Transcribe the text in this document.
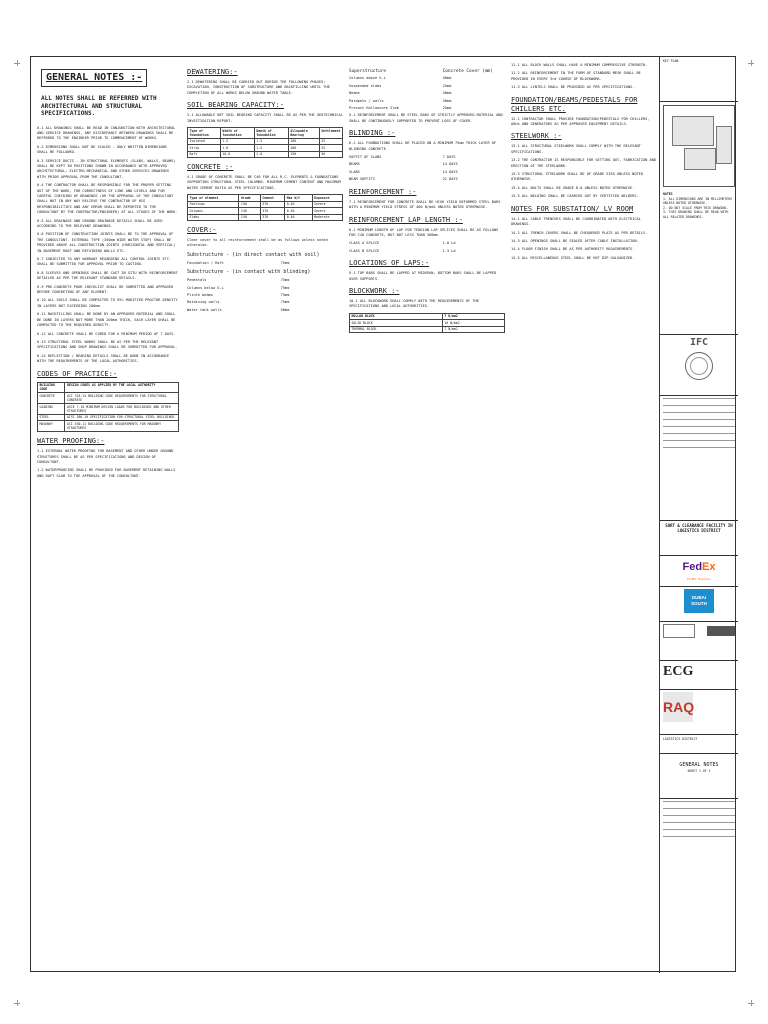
GENERAL NOTES :-
ALL NOTES SHALL BE REFERRED WITH ARCHITECTURAL AND STRUCTURAL SPECIFICATIONS.

0.1 ALL DRAWINGS SHALL BE READ IN CONJUNCTION WITH ARCHITECTURAL AND SERVICE DRAWINGS, ANY DISCREPANCY BETWEEN DRAWINGS SHALL BE REFERRED TO THE ENGINEER PRIOR TO COMMENCEMENT OF WORKS.

0.2 DIMENSIONS SHALL NOT BE SCALED - ONLY WRITTEN DIMENSIONS SHALL BE FOLLOWED.

0.3 SERVICE DUCTS - IN STRUCTURAL ELEMENTS (SLABS, WALLS, BEAMS) SHALL BE KEPT IN POSITIONS SHOWN IN ACCORDANCE WITH APPROVED ARCHITECTURAL, ELECTRO-MECHANICAL AND OTHER SERVICES DRAWINGS WITH PRIOR APPROVAL FROM THE CONSULTANT.

0.4 THE CONTRACTOR SHALL BE RESPONSIBLE FOR THE PROPER SETTING OUT OF THE WORK, FOR CORRECTNESS OF LINE AND LEVELS AND FOR CAREFUL CHECKING OF DRAWINGS (OR THE APPROVAL OF THE CONSULTANT SHALL NOT IN ANY WAY RELIEVE THE CONTRACTOR OF HIS RESPONSIBILITIES AND ANY ERROR SHALL BE REPORTED TO THE CONSULTANT BY THE CONTRACTOR/ENGINEER) AT ALL STAGES OF THE WORK.

0.5 ALL DRAINAGE AND GROUND DRAINAGE DETAILS SHALL BE USED ACCORDING TO THE RELEVANT DRAWINGS.

0.6 POSITION OF CONSTRUCTION JOINTS SHALL BE TO THE APPROVAL OF THE CONSULTANT. EXTERNAL TYPE (350mm WIDE WATER STOP) SHALL BE PROVIDED ABOVE ALL CONSTRUCTION JOINTS (HORIZONTAL AND VERTICAL) IN BASEMENT ROOF AND RETAINING WALLS ETC.

0.7 SUBJECTED TO ANY WARRANT REGARDING ALL CONTROL JOINTS ETC. SHALL BE SUBMITTED FOR APPROVAL PRIOR TO CASTING.

0.8 SLEEVES AND OPENINGS SHALL BE CAST IN SITU WITH REINFORCEMENT DETAILED AS PER THE RELEVANT STANDARD DETAILS.

0.9 PRE-CONCRETE POUR CHECKLIST SHALL BE SUBMITTED AND APPROVED BEFORE CONCRETING OF ANY ELEMENT.

0.10 ALL SOILS SHALL BE COMPACTED TO 95% MODIFIED PROCTOR DENSITY IN LAYERS NOT EXCEEDING 200mm.

0.11 BACKFILLING SHALL BE DONE BY AN APPROVED MATERIAL AND SHALL BE DONE IN LAYERS NOT MORE THAN 200mm THICK, EACH LAYER SHALL BE COMPACTED TO THE REQUIRED DENSITY.

0.12 ALL CONCRETE SHALL BE CURED FOR A MINIMUM PERIOD OF 7 DAYS.

0.13 STRUCTURAL STEEL WORKS SHALL BE AS PER THE RELEVANT SPECIFICATIONS AND SHOP DRAWINGS SHALL BE SUBMITTED FOR APPROVAL.

0.14 DEFLECTION / BEARING DETAILS SHALL BE DONE IN ACCORDANCE WITH THE REQUIREMENTS OF THE LOCAL AUTHORITIES.

CODES OF PRACTICE:-
BUILDING CODE	DESIGN CODES AS APPLIED BY THE LOCAL AUTHORITY
CONCRETE	ACI 318-14 BUILDING CODE REQUIREMENTS FOR STRUCTURAL CONCRETE
LOADING	ASCE 7-10 MINIMUM DESIGN LOADS FOR BUILDINGS AND OTHER STRUCTURES
STEEL	AISC 360-10 SPECIFICATION FOR STRUCTURAL STEEL BUILDINGS
MASONRY	ACI 530-11 BUILDING CODE REQUIREMENTS FOR MASONRY STRUCTURES
WATER PROOFING:-

1.1 EXTERNAL WATER PROOFING FOR BASEMENT AND OTHER UNDER GROUND STRUCTURES SHALL BE AS PER SPECIFICATIONS AND DESIGN OF CONSULTANT.

1.2 WATERPROOFING SHALL BE PROVIDED FOR BASEMENT RETAINING WALLS AND RAFT SLAB TO THE APPROVAL OF THE CONSULTANT.

DEWATERING:-

2.1 DEWATERING SHALL BE CARRIED OUT DURING THE FOLLOWING PHASES: EXCAVATION, CONSTRUCTION OF SUBSTRUCTURE AND BACKFILLING UNTIL THE COMPLETION OF ALL WORKS BELOW GROUND WATER TABLE.

SOIL BEARING CAPACITY:-

3.1 ALLOWABLE NET SOIL BEARING CAPACITY SHALL BE AS PER THE GEOTECHNICAL INVESTIGATION REPORT.

Type of foundation	Width of foundation	Depth of foundation	Allowable Bearing	Settlement
Isolated	1.5	1.5	200	25
Strip	1.0	1.5	180	25
Raft	10.0	2.0	150	50
CONCRETE :-

4.1 GRADE OF CONCRETE SHALL BE C40 FOR ALL R.C. ELEMENTS & FOUNDATIONS SUPPORTING STRUCTURAL STEEL COLUMNS. MINIMUM CEMENT CONTENT AND MAXIMUM WATER CEMENT RATIO AS PER SPECIFICATIONS.

Type of element	Grade	Cement	Max W/C	Exposure
Footings	C40	370	0.40	Severe
Columns	C40	370	0.40	Severe
Slabs	C40	370	0.40	Moderate
COVER:-

Clear cover to all reinforcement shall be as follows unless noted otherwise.

Substructure - (in direct contact with soil)

Foundation / Raft	75mm

Substructure - (in contact with blinding)

Pedestals	75mm
Columns below G.L	75mm
Plinth beams	75mm
Retaining walls	75mm
Water tank walls	50mm
Superstructure	Concrete Cover (mm)
Columns above G.L	40mm
Suspended slabs	25mm
Beams	40mm
Parapets / walls	30mm
Precast Hollowcore Slab	25mm

5.1 REINFORCEMENT SHALL BE STEEL BARS OF STRICTLY APPROVED MATERIAL AND SHALL BE CONTINUOUSLY SUPPORTED TO PREVENT LOSS OF COVER.

BLINDING :-

6.1 ALL FOUNDATIONS SHALL BE PLACED ON A MINIMUM 75mm THICK LAYER OF BLINDING CONCRETE.

SOFFIT OF SLABS	7 DAYS
BEAMS	14 DAYS
SLABS	14 DAYS
BEAM SOFFITS	21 DAYS
REINFORCEMENT :-

7.1 REINFORCEMENT FOR CONCRETE SHALL BE HIGH YIELD DEFORMED STEEL BARS WITH A MINIMUM YIELD STRESS OF 460 N/mm2 UNLESS NOTED OTHERWISE.

REINFORCEMENT LAP LENGTH :-

8.1 MINIMUM LENGTH OF LAP FOR TENSION LAP SPLICES SHALL BE AS FOLLOWS FOR C40 CONCRETE, BUT NOT LESS THAN 300mm.

CLASS A SPLICE	1.0 Ld
CLASS B SPLICE	1.3 Ld
LOCATIONS OF LAPS:-

9.1 TOP BARS SHALL BE LAPPED AT MIDSPAN, BOTTOM BARS SHALL BE LAPPED OVER SUPPORTS.

BLOCKWORK :-

10.1 ALL BLOCKWORK SHALL COMPLY WITH THE REQUIREMENTS OF THE SPECIFICATIONS AND LOCAL AUTHORITIES.

HOLLOW BLOCK	7 N/mm2
SOLID BLOCK	10 N/mm2
THERMAL BLOCK	7 N/mm2

11.1 ALL BLOCK WALLS SHALL HAVE A MINIMUM COMPRESSIVE STRENGTH.

11.2 ALL REINFORCEMENT IN THE FORM OF STANDARD MESH SHALL BE PROVIDED IN EVERY 3rd COURSE OF BLOCKWORK.

11.3 ALL LINTELS SHALL BE PROVIDED AS PER SPECIFICATIONS.

FOUNDATION/BEAMS/PEDESTALS FOR CHILLERS ETC.

12.1 CONTRACTOR SHALL PROVIDE FOUNDATION/PEDESTALS FOR CHILLERS, AHUs AND GENERATORS AS PER APPROVED EQUIPMENT DETAILS.

STEELWORK :-

13.1 ALL STRUCTURAL STEELWORK SHALL COMPLY WITH THE RELEVANT SPECIFICATIONS.

13.2 THE CONTRACTOR IS RESPONSIBLE FOR SETTING OUT, FABRICATION AND ERECTION OF THE STEELWORK.

13.3 STRUCTURAL STEELWORK SHALL BE OF GRADE S355 UNLESS NOTED OTHERWISE.

13.4 ALL BOLTS SHALL BE GRADE 8.8 UNLESS NOTED OTHERWISE.

13.5 ALL WELDING SHALL BE CARRIED OUT BY CERTIFIED WELDERS.

NOTES FOR SUBSTATION/ LV ROOM

14.1 ALL CABLE TRENCHES SHALL BE COORDINATED WITH ELECTRICAL DRAWINGS.

14.2 ALL TRENCH COVERS SHALL BE CHEQUERED PLATE AS PER DETAILS.

14.3 ALL OPENINGS SHALL BE SEALED AFTER CABLE INSTALLATION.

14.4 FLOOR FINISH SHALL BE AS PER AUTHORITY REQUIREMENTS.

14.5 ALL MISCELLANEOUS STEEL SHALL BE HOT DIP GALVANIZED.

KEY PLAN
NOTES
1. ALL DIMENSIONS ARE IN MILLIMETERS UNLESS NOTED OTHERWISE.
2. DO NOT SCALE FROM THIS DRAWING.
3. THIS DRAWING SHALL BE READ WITH ALL RELATED DRAWINGS.
IFC
SORT & CLEARANCE FACILITY IN LOGISTICS DISTRICT
FedEx
FedEx Express
DUBAI SOUTH
ECG
RAQ
LOGISTICS DISTRICT
GENERAL NOTES
SHEET 1 OF 1
